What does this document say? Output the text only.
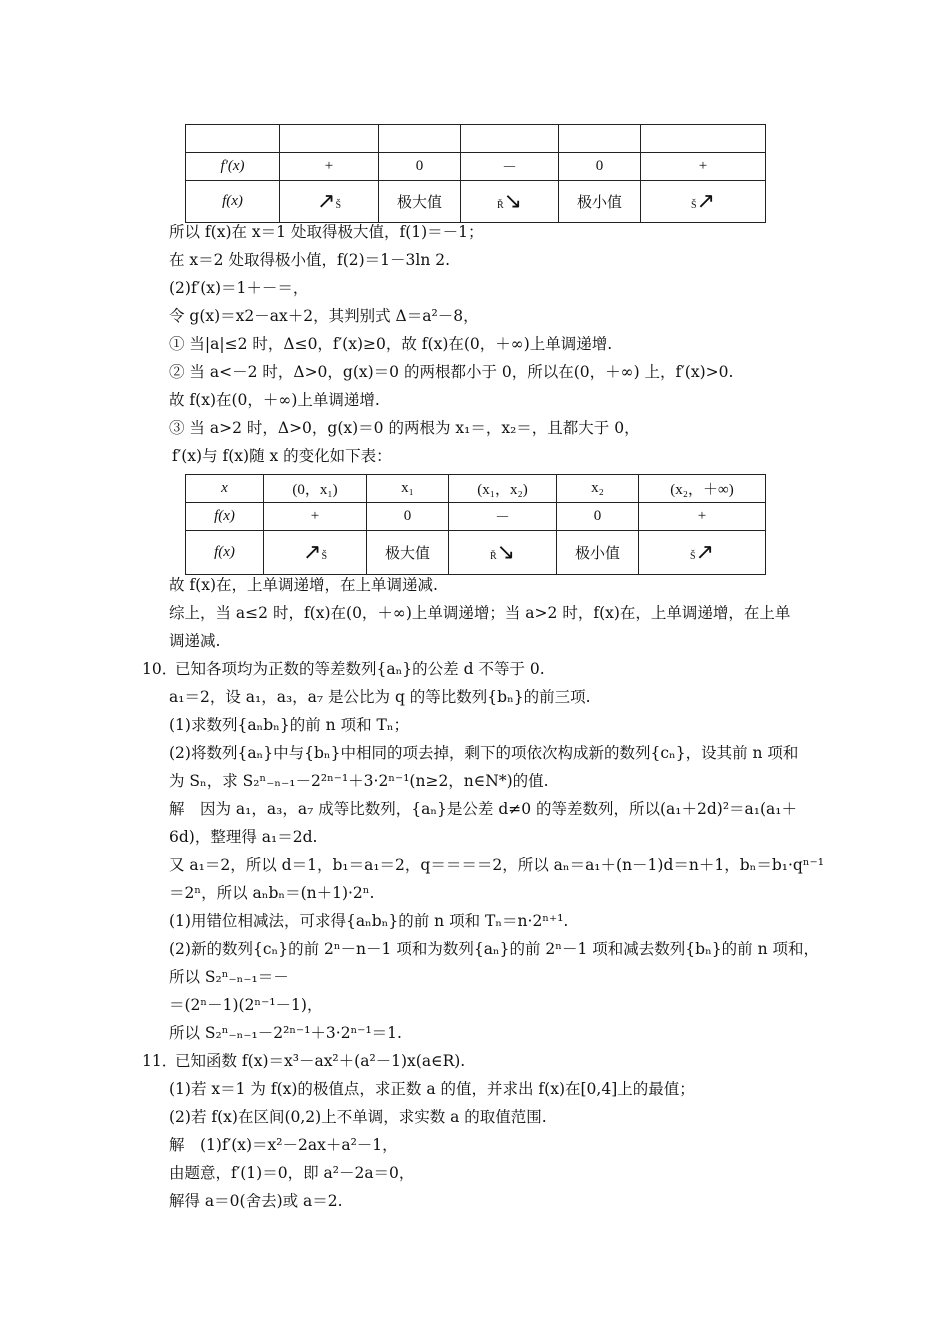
f′(x)	+	0	－	0	+
f(x)	↗Š	极大值	Ř↘	极小值	Š↗
所以 f(x)在 x＝1 处取得极大值，f(1)＝－1；
在 x＝2 处取得极小值，f(2)＝1－3ln 2.
(2)f′(x)＝1＋－＝，
令 g(x)＝x2－ax＋2，其判别式 Δ＝a²－8，
① 当|a|≤2 时，Δ≤0，f′(x)≥0，故 f(x)在(0，＋∞)上单调递增.
② 当 a<－2 时，Δ>0，g(x)＝0 的两根都小于 0，所以在(0，＋∞) 上，f′(x)>0.
故 f(x)在(0，＋∞)上单调递增.
③ 当 a>2 时，Δ>0，g(x)＝0 的两根为 x₁＝，x₂＝，且都大于 0，
f′(x)与 f(x)随 x 的变化如下表：
x	(0，x₁)	x₁	(x₁，x₂)	x₂	(x₂，＋∞)
f(x)	+	0	－	0	+
f(x)	↗Š	极大值	Ř↘	极小值	Š↗
故 f(x)在，上单调递增，在上单调递减.
综上，当 a≤2 时，f(x)在(0，＋∞)上单调递增；当 a>2 时，f(x)在，上单调递增，在上单
调递减.
10．
已知各项均为正数的等差数列{aₙ}的公差 d 不等于 0.
a₁＝2，设 a₁，a₃，a₇ 是公比为 q 的等比数列{bₙ}的前三项.
(1)求数列{aₙbₙ}的前 n 项和 Tₙ；
(2)将数列{aₙ}中与{bₙ}中相同的项去掉，剩下的项依次构成新的数列{cₙ}，设其前 n 项和
为 Sₙ，求 S₂ⁿ₋ₙ₋₁－2²ⁿ⁻¹＋3·2ⁿ⁻¹(n≥2，n∈N*)的值.
解　因为 a₁，a₃，a₇ 成等比数列，{aₙ}是公差 d≠0 的等差数列，所以(a₁＋2d)²＝a₁(a₁＋
6d)，整理得 a₁＝2d.
又 a₁＝2，所以 d＝1，b₁＝a₁＝2，q＝＝＝＝2，所以 aₙ＝a₁＋(n－1)d＝n＋1，bₙ＝b₁·qⁿ⁻¹
＝2ⁿ，所以 aₙbₙ＝(n＋1)·2ⁿ.
(1)用错位相减法，可求得{aₙbₙ}的前 n 项和 Tₙ＝n·2ⁿ⁺¹.
(2)新的数列{cₙ}的前 2ⁿ－n－1 项和为数列{aₙ}的前 2ⁿ－1 项和减去数列{bₙ}的前 n 项和，
所以 S₂ⁿ₋ₙ₋₁＝－
＝(2ⁿ－1)(2ⁿ⁻¹－1)，
所以 S₂ⁿ₋ₙ₋₁－2²ⁿ⁻¹＋3·2ⁿ⁻¹＝1.
11．
已知函数 f(x)＝x³－ax²＋(a²－1)x(a∈R).
(1)若 x＝1 为 f(x)的极值点，求正数 a 的值，并求出 f(x)在[0,4]上的最值；
(2)若 f(x)在区间(0,2)上不单调，求实数 a 的取值范围.
解　(1)f′(x)＝x²－2ax＋a²－1，
由题意，f′(1)＝0，即 a²－2a＝0，
解得 a＝0(舍去)或 a＝2.
